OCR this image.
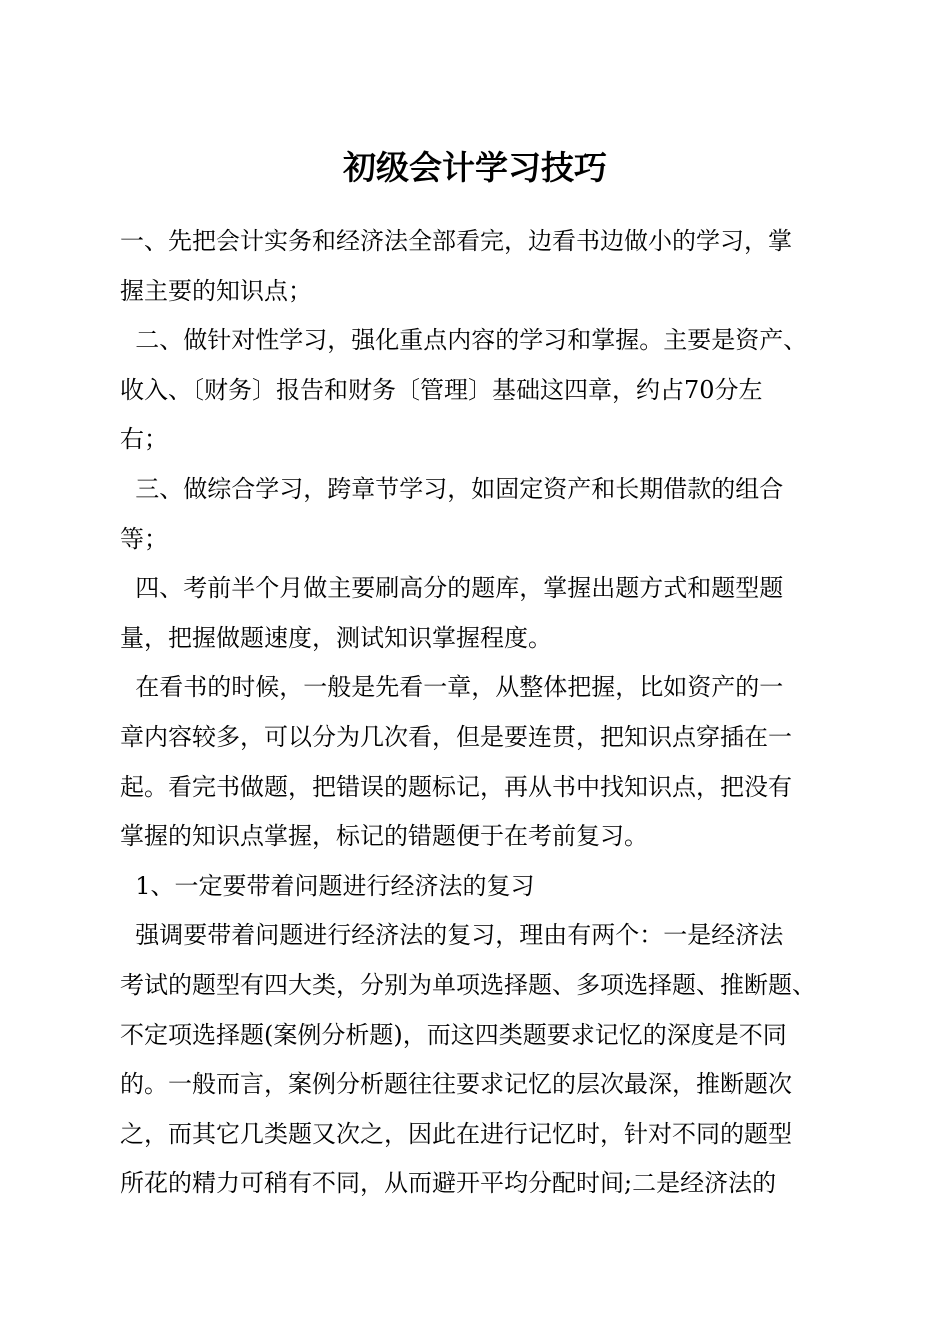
初级会计学习技巧
一、先把会计实务和经济法全部看完，边看书边做小的学习，掌
握主要的知识点；
二、做针对性学习，强化重点内容的学习和掌握。主要是资产、
收入、〔财务〕报告和财务〔管理〕基础这四章，约占70分左
右；
三、做综合学习，跨章节学习，如固定资产和长期借款的组合
等；
四、考前半个月做主要刷高分的题库，掌握出题方式和题型题
量，把握做题速度，测试知识掌握程度。
在看书的时候，一般是先看一章，从整体把握，比如资产的一
章内容较多，可以分为几次看，但是要连贯，把知识点穿插在一
起。看完书做题，把错误的题标记，再从书中找知识点，把没有
掌握的知识点掌握，标记的错题便于在考前复习。
1、一定要带着问题进行经济法的复习
强调要带着问题进行经济法的复习，理由有两个：一是经济法
考试的题型有四大类，分别为单项选择题、多项选择题、推断题、
不定项选择题(案例分析题)，而这四类题要求记忆的深度是不同
的。一般而言，案例分析题往往要求记忆的层次最深，推断题次
之，而其它几类题又次之，因此在进行记忆时，针对不同的题型
所花的精力可稍有不同，从而避开平均分配时间;二是经济法的
